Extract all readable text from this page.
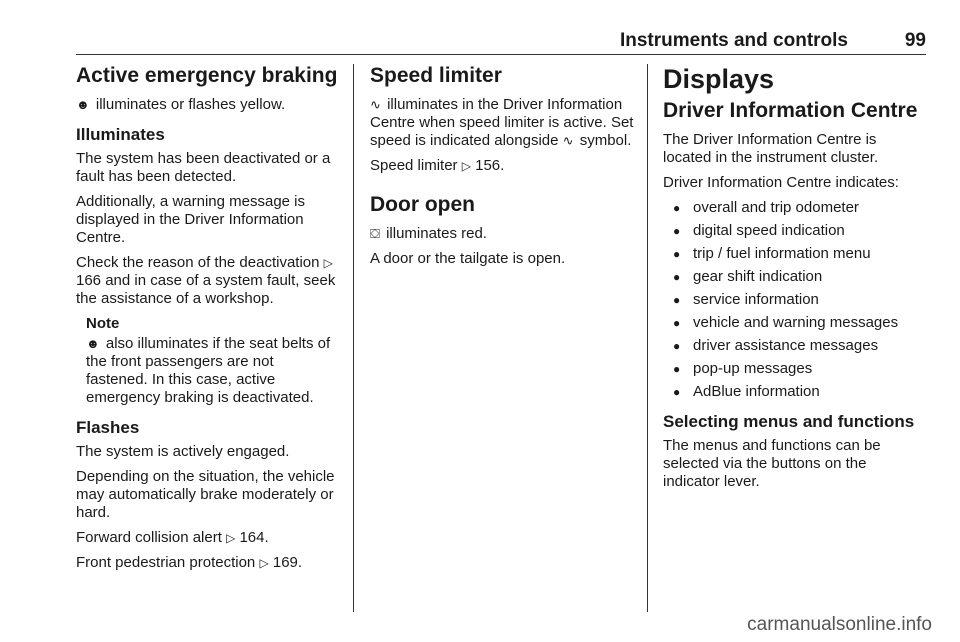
Instruments and controls	99
Active emergency braking

☻ illuminates or flashes yellow.

Illuminates

The system has been deactivated or a fault has been detected.

Additionally, a warning message is displayed in the Driver Information Centre.

Check the reason of the deactivation ▷ 166 and in case of a system fault, seek the assistance of a workshop.

Note

☻ also illuminates if the seat belts of the front passengers are not fastened. In this case, active emergency braking is deactivated.

Flashes

The system is actively engaged.

Depending on the situation, the vehicle may automatically brake moderately or hard.

Forward collision alert ▷ 164.

Front pedestrian protection ▷ 169.

Speed limiter

∿ illuminates in the Driver Information Centre when speed limiter is active. Set speed is indicated alongside ∿ symbol.

Speed limiter ▷ 156.

Door open

⛋ illuminates red.

A door or the tailgate is open.

Displays
Driver Information Centre

The Driver Information Centre is located in the instrument cluster.

Driver Information Centre indicates:

● overall and trip odometer
● digital speed indication
● trip / fuel information menu
● gear shift indication
● service information
● vehicle and warning messages
● driver assistance messages
● pop-up messages
● AdBlue information
Selecting menus and functions

The menus and functions can be selected via the buttons on the indicator lever.

carmanualsonline.info
